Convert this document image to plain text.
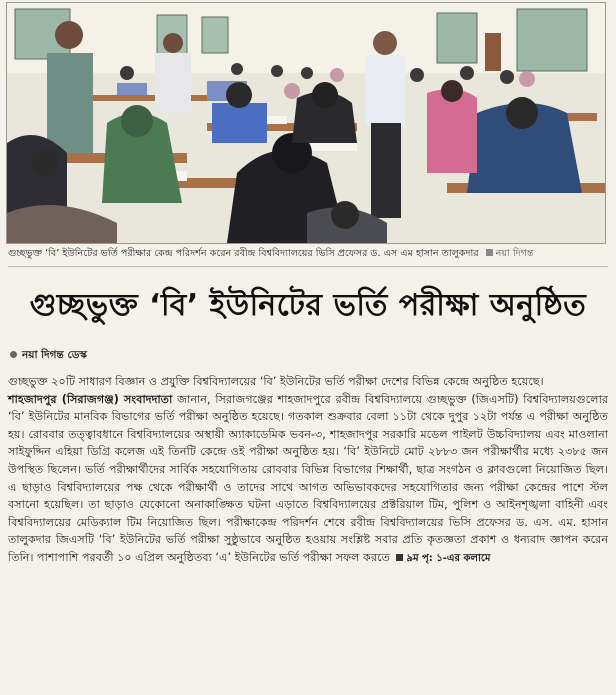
গুচ্ছভুক্ত ‘বি’ ইউনিটের ভর্তি পরীক্ষার কেন্দ্র পরিদর্শন করেন রবীন্দ্র বিশ্ববিদ্যালয়ের ভিসি প্রফেসর ড. এস এম হাসান তালুকদার নয়া দিগন্ত
গুচ্ছভুক্ত ‘বি’ ইউনিটের ভর্তি পরীক্ষা অনুষ্ঠিত
নয়া দিগন্ত ডেস্ক

গুচ্ছভুক্ত ২০টি সাধারণ বিজ্ঞান ও প্রযুক্তি বিশ্ববিদ্যালয়ের ‘বি’ ইউনিটের ভর্তি পরীক্ষা দেশের বিভিন্ন কেন্দ্রে অনুষ্ঠিত হয়েছে।

শাহজাদপুর (সিরাজগঞ্জ) সংবাদদাতা জানান, সিরাজগঞ্জের শাহজাদপুরে রবীন্দ্র বিশ্ববিদ্যালয়ে গুচ্ছভুক্ত (জিএসটি) বিশ্ববিদ্যালয়গুলোর ‘বি’ ইউনিটের মানবিক বিভাগের ভর্তি পরীক্ষা অনুষ্ঠিত হয়েছে। গতকাল শুক্রবার বেলা ১১টা থেকে দুপুর ১২টা পর্যন্ত এ পরীক্ষা অনুষ্ঠিত হয়। রোববার তত্ত্বাবধানে বিশ্ববিদ্যালয়ের অস্থায়ী অ্যাকাডেমিক ভবন-৩, শাহজাদপুর সরকারি মডেল পাইলট উচ্চবিদ্যালয় এবং মাওলানা সাইফুদ্দিন এহিয়া ডিগ্রি কলেজ এই তিনটি কেন্দ্রে ওই পরীক্ষা অনুষ্ঠিত হয়। ‘বি’ ইউনিটে মোট ২৮৮৩ জন পরীক্ষার্থীর মধ্যে ২৩৮৫ জন উপস্থিত ছিলেন। ভর্তি পরীক্ষার্থীদের সার্বিক সহযোগিতায় রোববার বিভিন্ন বিভাগের শিক্ষার্থী, ছাত্র সংগঠন ও ক্লাবগুলো নিয়োজিত ছিল। এ ছাড়াও বিশ্ববিদ্যালয়ের পক্ষ থেকে পরীক্ষার্থী ও তাদের সাথে আগত অভিভাবকদের সহযোগিতার জন্য পরীক্ষা কেন্দ্রের পাশে স্টল বসানো হয়েছিল। তা ছাড়াও যেকোনো অনাকাঙ্ক্ষিত ঘটনা এড়াতে বিশ্ববিদ্যালয়ের প্রক্টরিয়াল টিম, পুলিশ ও আইনশৃঙ্খলা বাহিনী এবং বিশ্ববিদ্যালয়ের মেডিক্যাল টিম নিয়োজিত ছিল। পরীক্ষাকেন্দ্র পরিদর্শন শেষে রবীন্দ্র বিশ্ববিদ্যালয়ের ভিসি প্রফেসর ড. এস. এম. হাসান তালুকদার জিএসটি ‘বি’ ইউনিটের ভর্তি পরীক্ষা সুষ্ঠুভাবে অনুষ্ঠিত হওয়ায় সংশ্লিষ্ট সবার প্রতি কৃতজ্ঞতা প্রকাশ ও ধন্যবাদ জ্ঞাপন করেন তিনি। পাশাপাশি পরবর্তী ১০ এপ্রিল অনুষ্ঠিতব্য ‘এ’ ইউনিটের ভর্তি পরীক্ষা সফল করতে ৯ম পৃ: ১-এর কলামে
